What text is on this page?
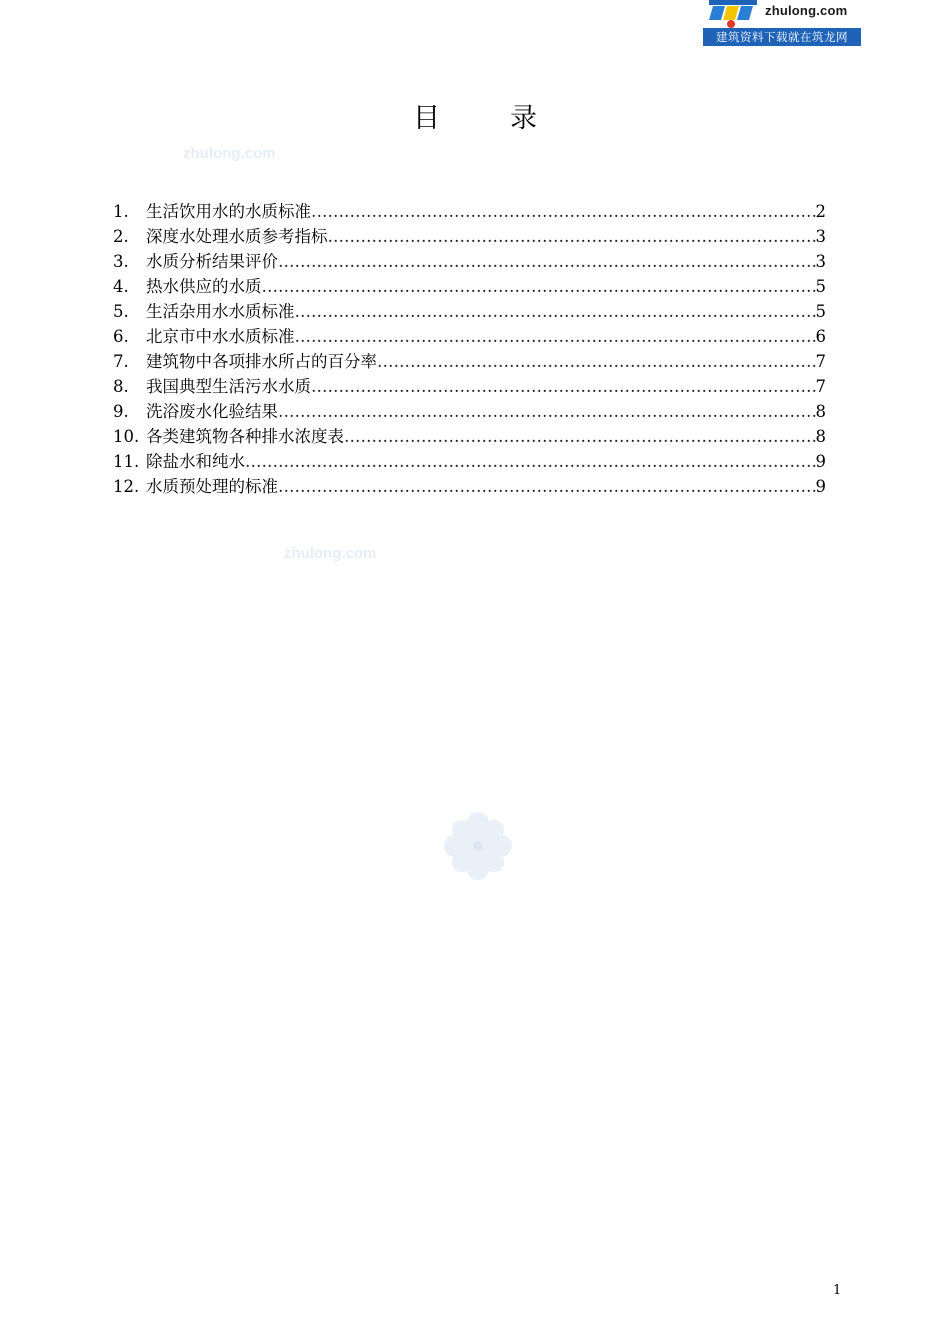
zhulong.com
建筑资料下载就在筑龙网
目录
zhulong.com
zhulong.com
1.	生活饮用水的水质标准 …………………………………………………………………………………………………………………………	2
2.	深度水处理水质参考指标 …………………………………………………………………………………………………………………………	3
3.	水质分析结果评价 …………………………………………………………………………………………………………………………	3
4.	热水供应的水质 …………………………………………………………………………………………………………………………	5
5.	生活杂用水水质标准 …………………………………………………………………………………………………………………………	5
6.	北京市中水水质标准 …………………………………………………………………………………………………………………………	6
7.	建筑物中各项排水所占的百分率 …………………………………………………………………………………………………………………………	7
8.	我国典型生活污水水质 …………………………………………………………………………………………………………………………	7
9.	洗浴废水化验结果 …………………………………………………………………………………………………………………………	8
10. 各类建筑物各种排水浓度表 …………………………………………………………………………………………………………………………	8
11. 除盐水和纯水 …………………………………………………………………………………………………………………………	9
12. 水质预处理的标准 …………………………………………………………………………………………………………………………	9
1
